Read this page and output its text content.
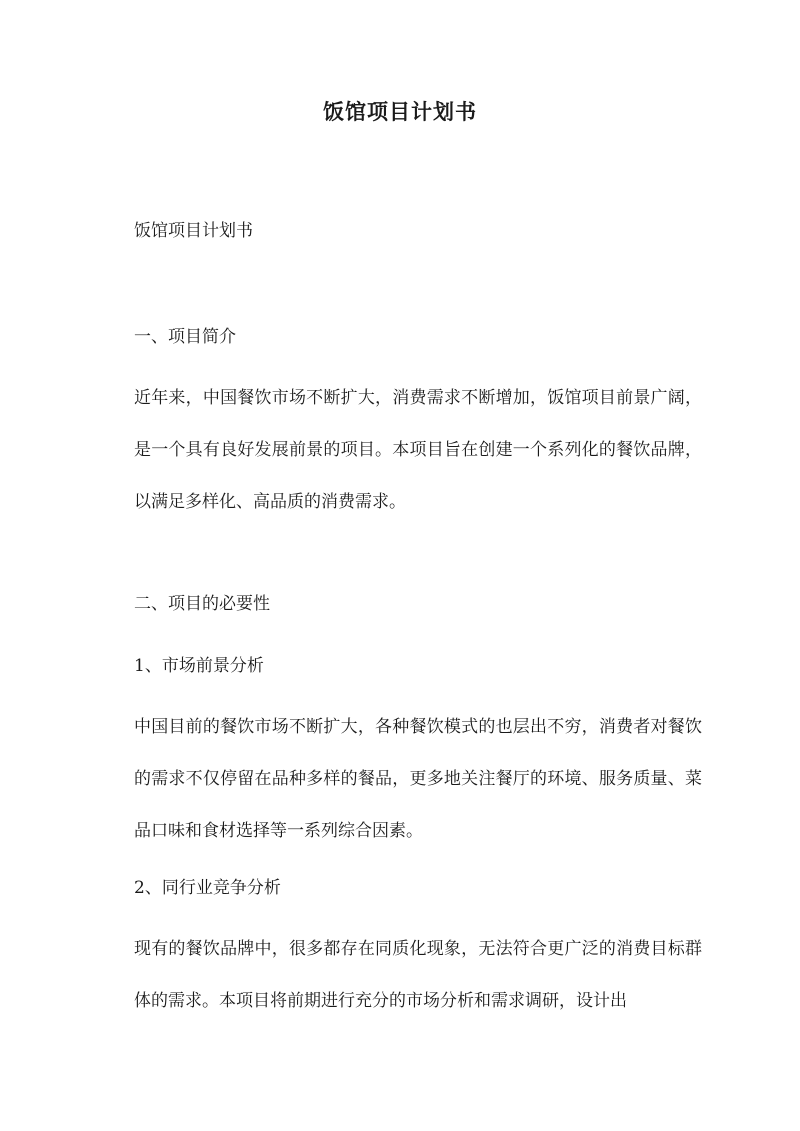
饭馆项目计划书

饭馆项目计划书

一、项目简介

近年来，中国餐饮市场不断扩大，消费需求不断增加，饭馆项目前景广阔，是一个具有良好发展前景的项目。本项目旨在创建一个系列化的餐饮品牌，以满足多样化、高品质的消费需求。

二、项目的必要性

1、市场前景分析

中国目前的餐饮市场不断扩大，各种餐饮模式的也层出不穷，消费者对餐饮的需求不仅停留在品种多样的餐品，更多地关注餐厅的环境、服务质量、菜品口味和食材选择等一系列综合因素。

2、同行业竞争分析

现有的餐饮品牌中，很多都存在同质化现象，无法符合更广泛的消费目标群体的需求。本项目将前期进行充分的市场分析和需求调研，设计出
